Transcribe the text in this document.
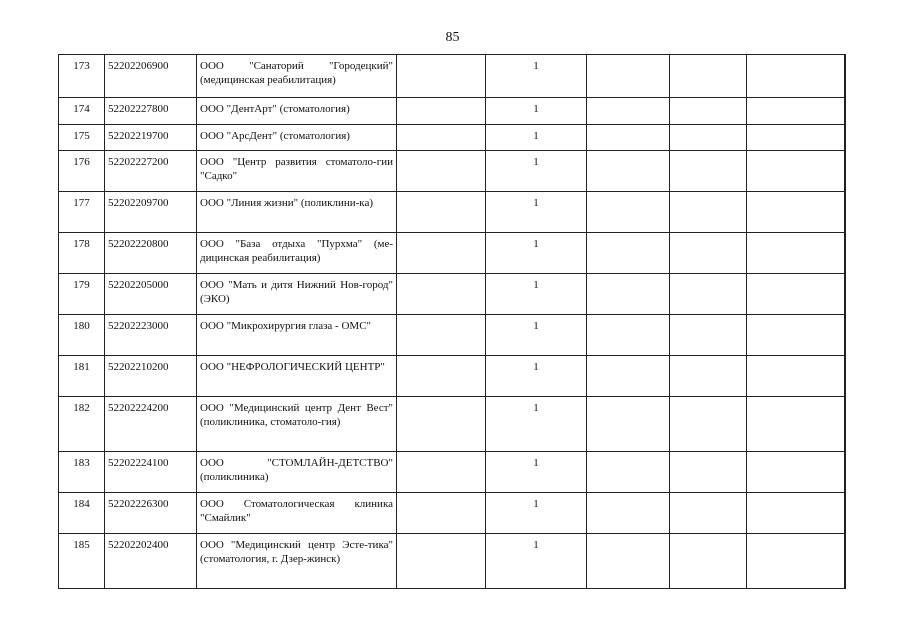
85
173	52202206900	ООО "Санаторий "Городецкий" (медицинская реабилитация)		1				
174	52202227800	ООО "ДентАрт" (стоматология)		1				
175	52202219700	ООО "АрсДент" (стоматология)		1				
176	52202227200	ООО "Центр развития стоматоло-гии "Садко"		1				
177	52202209700	ООО "Линия жизни" (поликлини-ка)		1				
178	52202220800	ООО "База отдыха "Пурхма" (ме-дицинская реабилитация)		1				
179	52202205000	ООО "Мать и дитя Нижний Нов-город" (ЭКО)		1				
180	52202223000	ООО "Микрохирургия глаза - ОМС"		1				
181	52202210200	ООО "НЕФРОЛОГИЧЕСКИЙ ЦЕНТР"		1				
182	52202224200	ООО "Медицинский центр Дент Вест" (поликлиника, стоматоло-гия)		1				
183	52202224100	ООО "СТОМЛАЙН-ДЕТСТВО" (поликлиника)		1				
184	52202226300	ООО Стоматологическая клиника "Смайлик"		1				
185	52202202400	ООО "Медицинский центр Эсте-тика" (стоматология, г. Дзер-жинск)		1				
